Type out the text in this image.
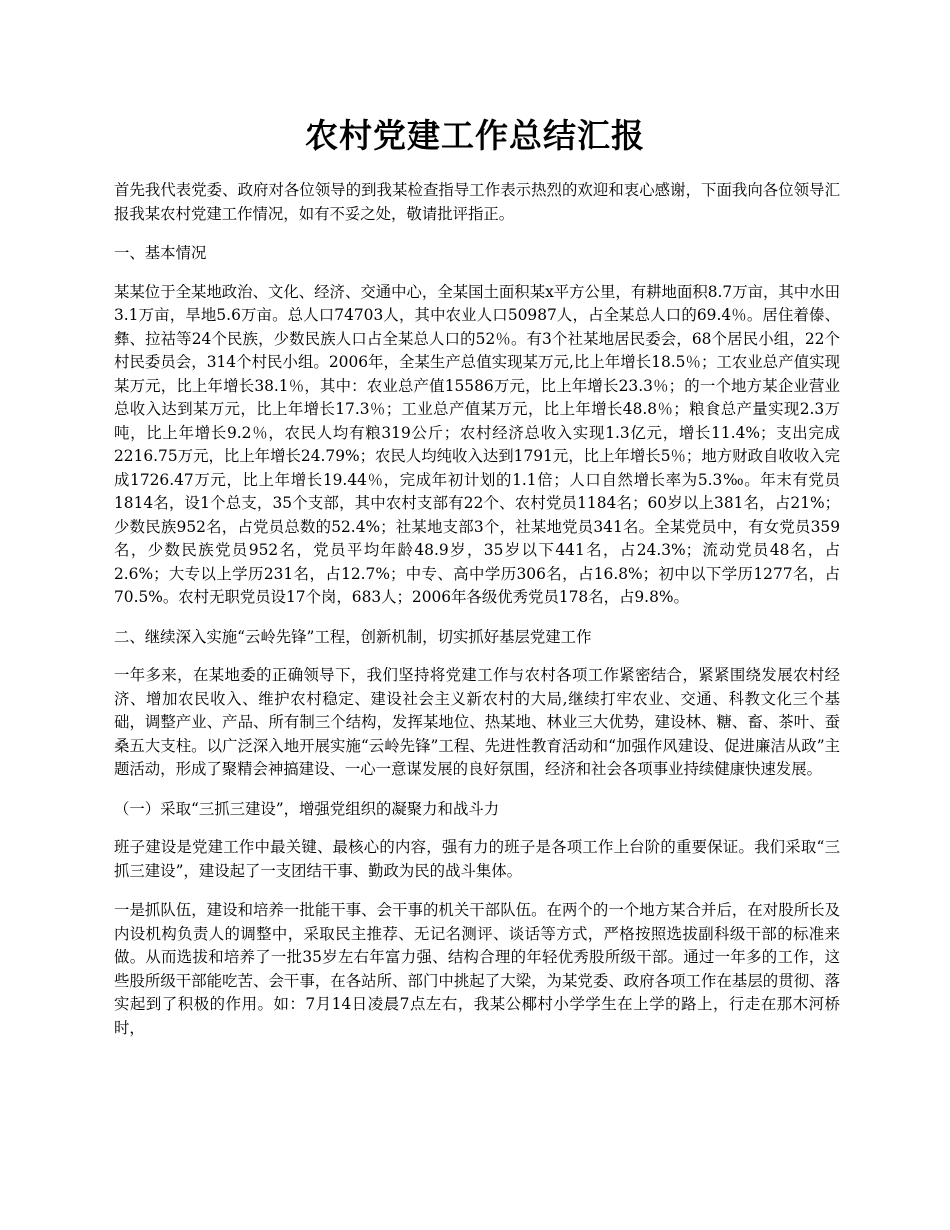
农村党建工作总结汇报

首先我代表党委、政府对各位领导的到我某检查指导工作表示热烈的欢迎和衷心感谢，下面我向各位领导汇报我某农村党建工作情况，如有不妥之处，敬请批评指正。

一、基本情况

某某位于全某地政治、文化、经济、交通中心，全某国土面积某x平方公里，有耕地面积8.7万亩，其中水田3.1万亩，旱地5.6万亩。总人口74703人，其中农业人口50987人，占全某总人口的69.4％。居住着傣、彝、拉祜等24个民族，少数民族人口占全某总人口的52％。有3个社某地居民委会，68个居民小组，22个村民委员会，314个村民小组。2006年，全某生产总值实现某万元,比上年增长18.5％；工农业总产值实现某万元，比上年增长38.1％，其中：农业总产值15586万元，比上年增长23.3％；的一个地方某企业营业总收入达到某万元，比上年增长17.3％；工业总产值某万元，比上年增长48.8％；粮食总产量实现2.3万吨，比上年增长9.2％，农民人均有粮319公斤；农村经济总收入实现1.3亿元，增长11.4%；支出完成2216.75万元，比上年增长24.79%；农民人均纯收入达到1791元，比上年增长5％；地方财政自收收入完成1726.47万元，比上年增长19.44％，完成年初计划的1.1倍；人口自然增长率为5.3‰。年末有党员1814名，设1个总支，35个支部，其中农村支部有22个、农村党员1184名；60岁以上381名，占21%；少数民族952名，占党员总数的52.4%；社某地支部3个，社某地党员341名。全某党员中，有女党员359名，少数民族党员952名，党员平均年龄48.9岁，35岁以下441名，占24.3%；流动党员48名，占2.6%；大专以上学历231名，占12.7%；中专、高中学历306名，占16.8%；初中以下学历1277名，占70.5%。农村无职党员设17个岗，683人；2006年各级优秀党员178名，占9.8%。

二、继续深入实施“云岭先锋”工程，创新机制，切实抓好基层党建工作

一年多来，在某地委的正确领导下，我们坚持将党建工作与农村各项工作紧密结合，紧紧围绕发展农村经济、增加农民收入、维护农村稳定、建设社会主义新农村的大局,继续打牢农业、交通、科教文化三个基础，调整产业、产品、所有制三个结构，发挥某地位、热某地、林业三大优势，建设林、糖、畜、茶叶、蚕桑五大支柱。以广泛深入地开展实施“云岭先锋”工程、先进性教育活动和“加强作风建设、促进廉洁从政”主题活动，形成了聚精会神搞建设、一心一意谋发展的良好氛围，经济和社会各项事业持续健康快速发展。

（一）采取“三抓三建设”，增强党组织的凝聚力和战斗力

班子建设是党建工作中最关键、最核心的内容，强有力的班子是各项工作上台阶的重要保证。我们采取“三抓三建设”，建设起了一支团结干事、勤政为民的战斗集体。

一是抓队伍，建设和培养一批能干事、会干事的机关干部队伍。在两个的一个地方某合并后，在对股所长及内设机构负责人的调整中，采取民主推荐、无记名测评、谈话等方式，严格按照选拔副科级干部的标准来做。从而选拔和培养了一批35岁左右年富力强、结构合理的年轻优秀股所级干部。通过一年多的工作，这些股所级干部能吃苦、会干事，在各站所、部门中挑起了大梁，为某党委、政府各项工作在基层的贯彻、落实起到了积极的作用。如：7月14日凌晨7点左右，我某公椰村小学学生在上学的路上，行走在那木河桥时，
